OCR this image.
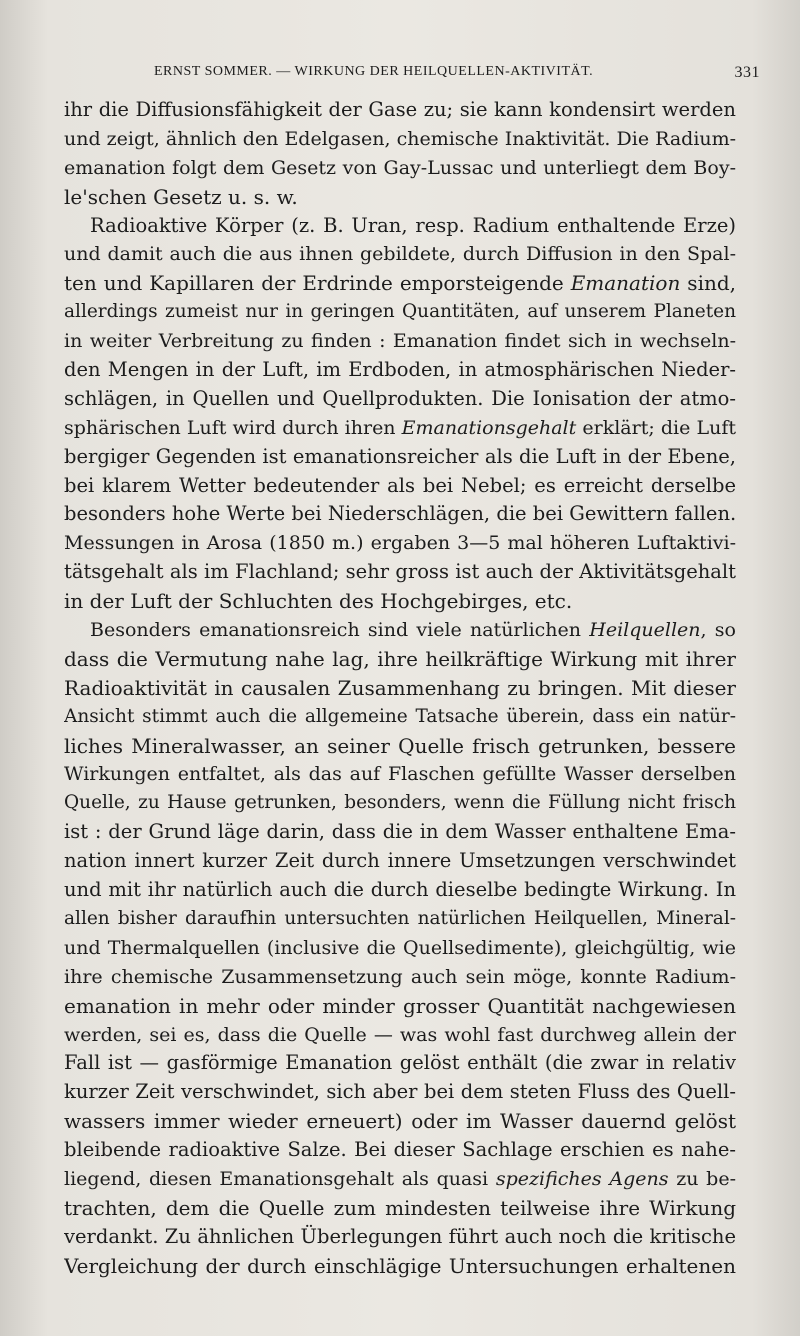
ERNST SOMMER. — WIRKUNG DER HEILQUELLEN-AKTIVITÄT.	331
ihr die Diffusionsfähigkeit der Gase zu; sie kann kondensirt werden
und zeigt, ähnlich den Edelgasen, chemische Inaktivität. Die Radium-
emanation folgt dem Gesetz von Gay-Lussac und unterliegt dem Boy-
le'schen Gesetz u. s. w.
Radioaktive Körper (z. B. Uran, resp. Radium enthaltende Erze)
und damit auch die aus ihnen gebildete, durch Diffusion in den Spal-
ten und Kapillaren der Erdrinde emporsteigende Emanation sind,
allerdings zumeist nur in geringen Quantitäten, auf unserem Planeten
in weiter Verbreitung zu finden : Emanation findet sich in wechseln-
den Mengen in der Luft, im Erdboden, in atmosphärischen Nieder-
schlägen, in Quellen und Quellprodukten. Die Ionisation der atmo-
sphärischen Luft wird durch ihren Emanationsgehalt erklärt; die Luft
bergiger Gegenden ist emanationsreicher als die Luft in der Ebene,
bei klarem Wetter bedeutender als bei Nebel; es erreicht derselbe
besonders hohe Werte bei Niederschlägen, die bei Gewittern fallen.
Messungen in Arosa (1850 m.) ergaben 3—5 mal höheren Luftaktivi-
tätsgehalt als im Flachland; sehr gross ist auch der Aktivitätsgehalt
in der Luft der Schluchten des Hochgebirges, etc.
Besonders emanationsreich sind viele natürlichen Heilquellen, so
dass die Vermutung nahe lag, ihre heilkräftige Wirkung mit ihrer
Radioaktivität in causalen Zusammenhang zu bringen. Mit dieser
Ansicht stimmt auch die allgemeine Tatsache überein, dass ein natür-
liches Mineralwasser, an seiner Quelle frisch getrunken, bessere
Wirkungen entfaltet, als das auf Flaschen gefüllte Wasser derselben
Quelle, zu Hause getrunken, besonders, wenn die Füllung nicht frisch
ist : der Grund läge darin, dass die in dem Wasser enthaltene Ema-
nation innert kurzer Zeit durch innere Umsetzungen verschwindet
und mit ihr natürlich auch die durch dieselbe bedingte Wirkung. In
allen bisher daraufhin untersuchten natürlichen Heilquellen, Mineral-
und Thermalquellen (inclusive die Quellsedimente), gleichgültig, wie
ihre chemische Zusammensetzung auch sein möge, konnte Radium-
emanation in mehr oder minder grosser Quantität nachgewiesen
werden, sei es, dass die Quelle — was wohl fast durchweg allein der
Fall ist — gasförmige Emanation gelöst enthält (die zwar in relativ
kurzer Zeit verschwindet, sich aber bei dem steten Fluss des Quell-
wassers immer wieder erneuert) oder im Wasser dauernd gelöst
bleibende radioaktive Salze. Bei dieser Sachlage erschien es nahe-
liegend, diesen Emanationsgehalt als quasi spezifiches Agens zu be-
trachten, dem die Quelle zum mindesten teilweise ihre Wirkung
verdankt. Zu ähnlichen Überlegungen führt auch noch die kritische
Vergleichung der durch einschlägige Untersuchungen erhaltenen
